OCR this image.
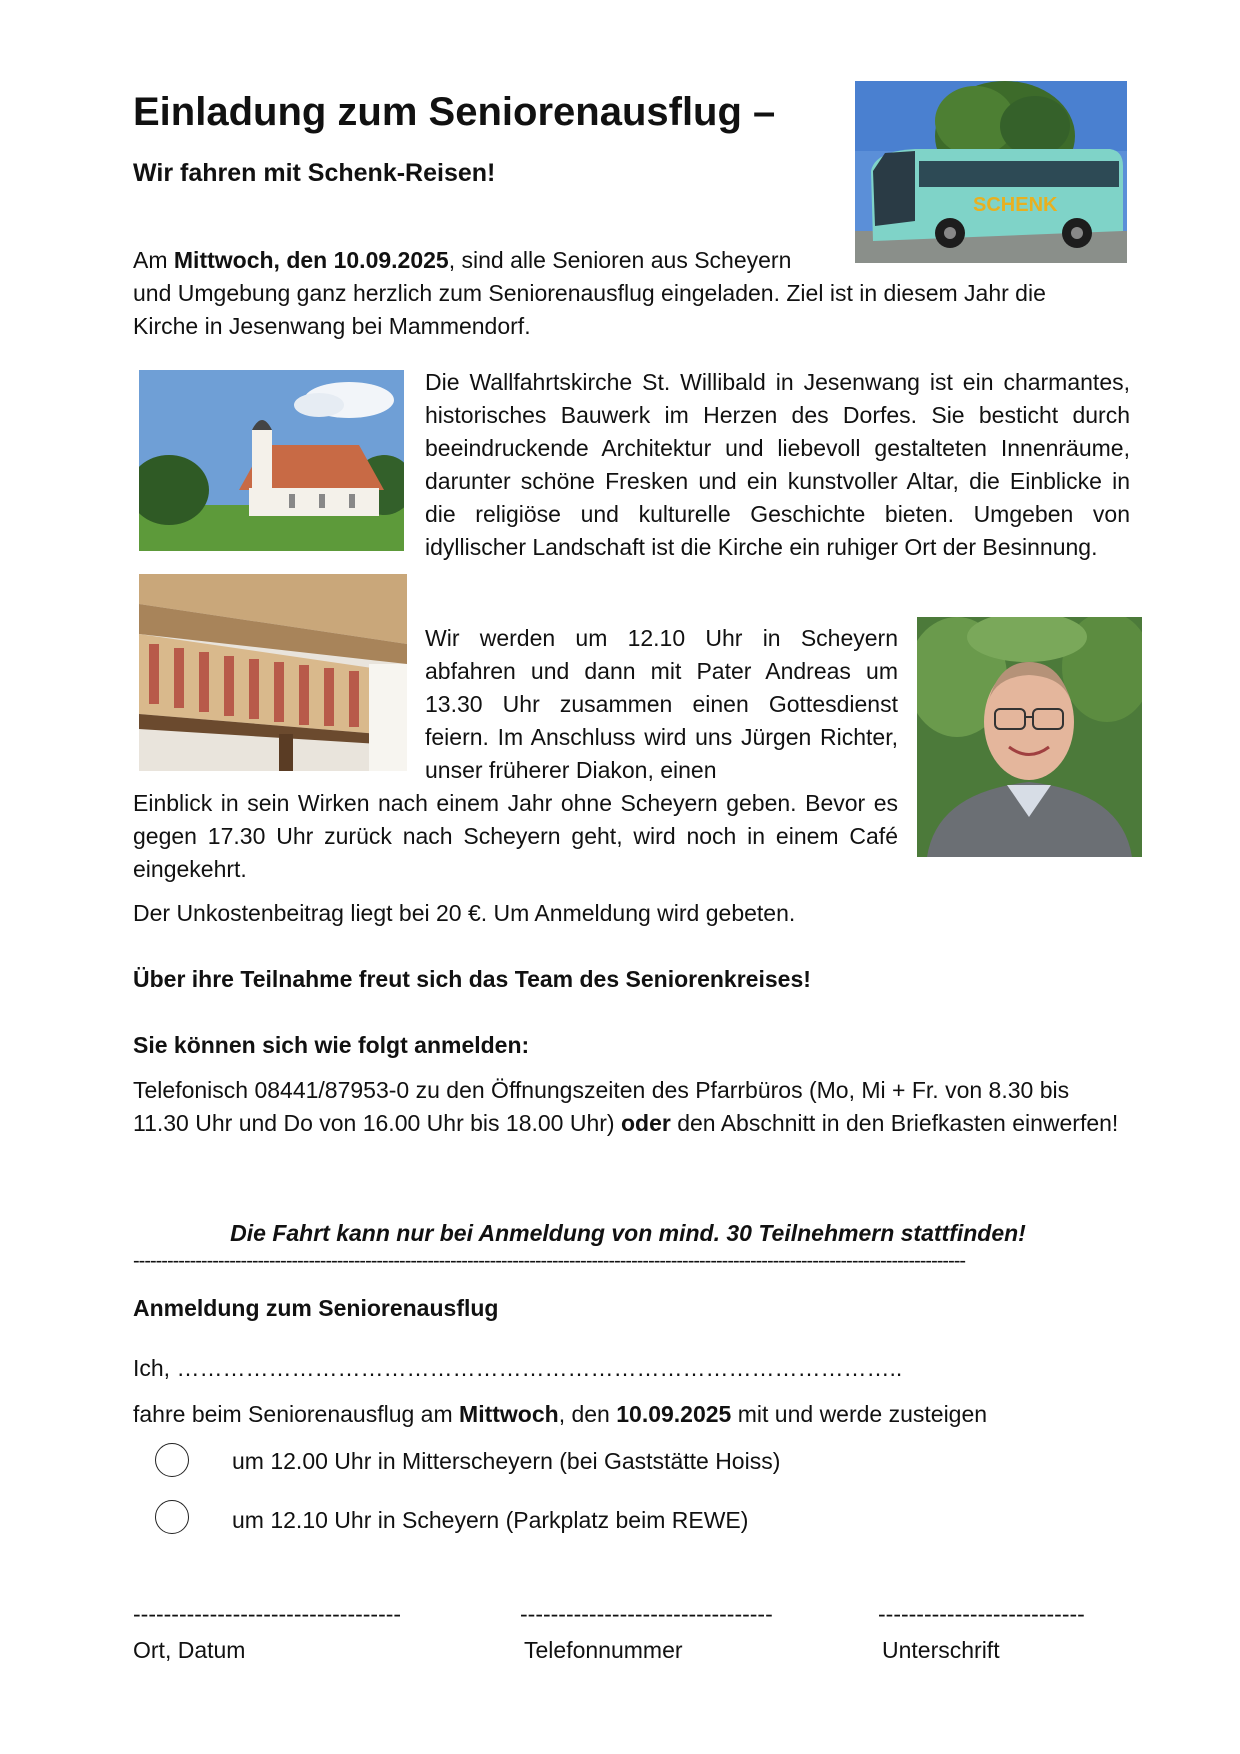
Einladung zum Seniorenausflug –
Wir fahren mit Schenk-Reisen!
SCHENK
Am Mittwoch, den 10.09.2025, sind alle Senioren aus Scheyern
und Umgebung ganz herzlich zum Seniorenausflug eingeladen. Ziel ist in diesem Jahr die
Kirche in Jesenwang bei Mammendorf.
Die Wallfahrtskirche St. Willibald in Jesenwang ist ein charmantes, historisches Bauwerk im Herzen des Dorfes. Sie besticht durch beeindruckende Architektur und liebevoll gestalteten Innenräume, darunter schöne Fresken und ein kunstvoller Altar, die Einblicke in die religiöse und kulturelle Geschichte bieten. Umgeben von idyllischer Landschaft ist die Kirche ein ruhiger Ort der Besinnung.
Wir werden um 12.10 Uhr in Scheyern abfahren und dann mit Pater Andreas um 13.30 Uhr zusammen einen Gottesdienst feiern. Im Anschluss wird uns Jürgen Richter, unser früherer Diakon, einen
Einblick in sein Wirken nach einem Jahr ohne Scheyern geben. Bevor es gegen 17.30 Uhr zurück nach Scheyern geht, wird noch in einem Café eingekehrt.
Der Unkostenbeitrag liegt bei 20 €. Um Anmeldung wird gebeten.
Über ihre Teilnahme freut sich das Team des Seniorenkreises!
Sie können sich wie folgt anmelden:
Telefonisch 08441/87953-0 zu den Öffnungszeiten des Pfarrbüros (Mo, Mi + Fr. von 8.30 bis 11.30 Uhr und Do von 16.00 Uhr bis 18.00 Uhr) oder den Abschnitt in den Briefkasten einwerfen!
Die Fahrt kann nur bei Anmeldung von mind. 30 Teilnehmern stattfinden!
---------------------------------------------------------------------------------------------------------------------------------------------------
Anmeldung zum Seniorenausflug
Ich, …………………………………………………………………………………..
fahre beim Seniorenausflug am Mittwoch, den 10.09.2025 mit und werde zusteigen
um 12.00 Uhr in Mitterscheyern (bei Gaststätte Hoiss)
um 12.10 Uhr in Scheyern (Parkplatz beim REWE)
-----------------------------------	---------------------------------	---------------------------
Ort, Datum	Telefonnummer	Unterschrift
